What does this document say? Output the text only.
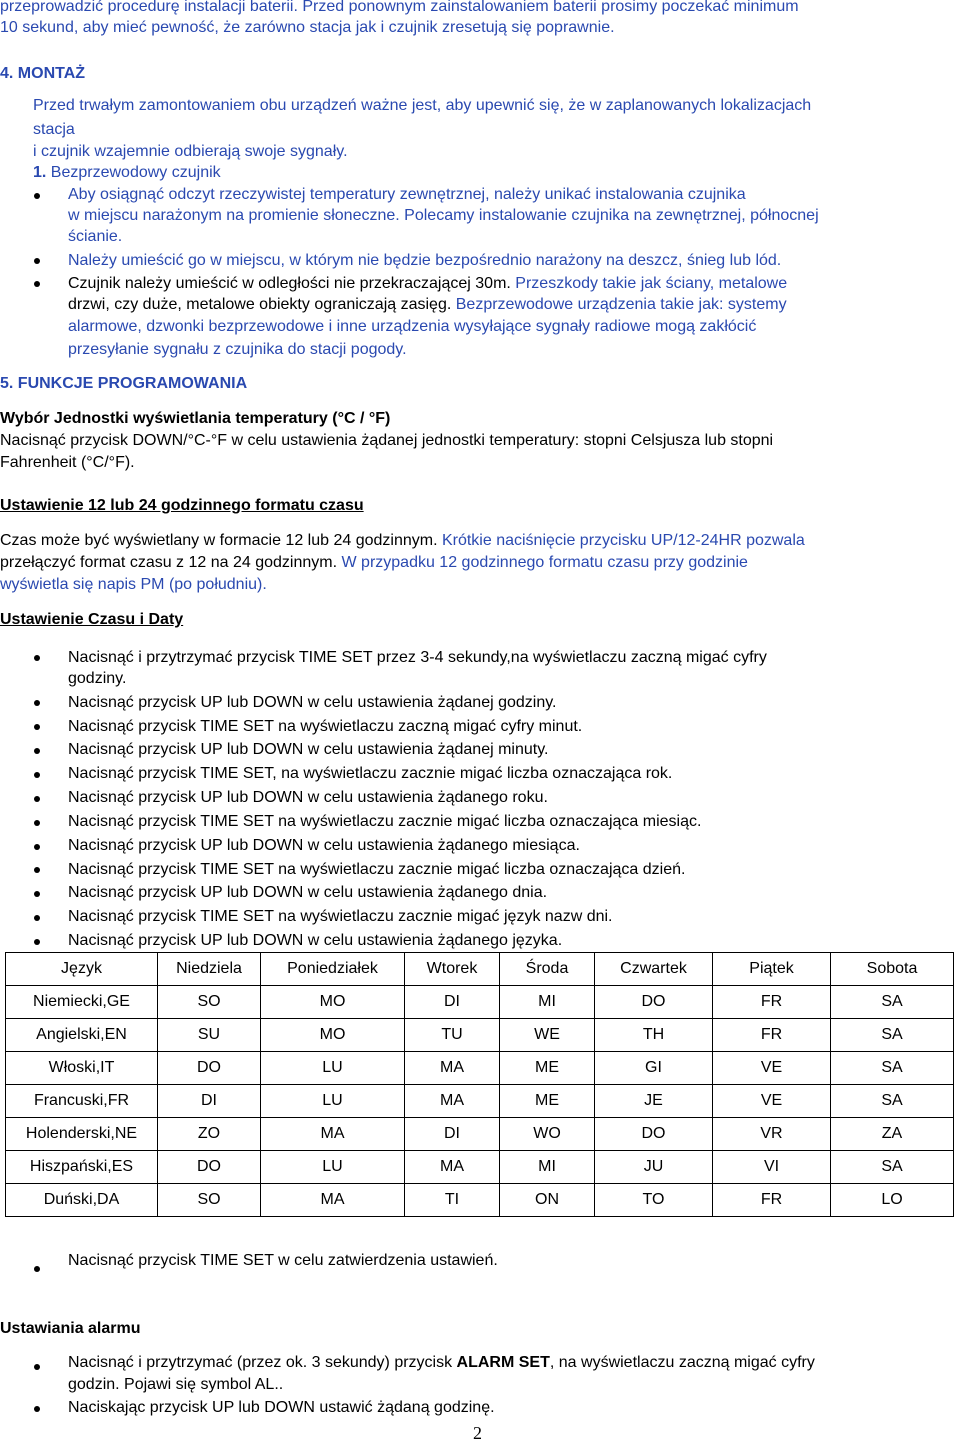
przeprowadzić procedurę instalacji baterii. Przed ponownym zainstalowaniem baterii prosimy poczekać minimum
10 sekund, aby mieć pewność, że zarówno stacja jak i czujnik zresetują się poprawnie.
4. MONTAŻ
Przed trwałym zamontowaniem obu urządzeń ważne jest, aby upewnić się, że w zaplanowanych lokalizacjach
stacja
i czujnik wzajemnie odbierają swoje sygnały.
1. Bezprzewodowy czujnik
Aby osiągnąć odczyt rzeczywistej temperatury zewnętrznej, należy unikać instalowania czujnika
w miejscu narażonym na promienie słoneczne. Polecamy instalowanie czujnika na zewnętrznej, północnej
ścianie.
Należy umieścić go w miejscu, w którym nie będzie bezpośrednio narażony na deszcz, śnieg lub lód.
Czujnik należy umieścić w odległości nie przekraczającej 30m. Przeszkody takie jak ściany, metalowe
drzwi, czy duże, metalowe obiekty ograniczają zasięg. Bezprzewodowe urządzenia takie jak: systemy
alarmowe, dzwonki bezprzewodowe i inne urządzenia wysyłające sygnały radiowe mogą zakłócić
przesyłanie sygnału z czujnika do stacji pogody.
5. FUNKCJE PROGRAMOWANIA
Wybór Jednostki wyświetlania temperatury (°C / °F)
Nacisnąć przycisk DOWN/°C-°F w celu ustawienia żądanej jednostki temperatury: stopni Celsjusza lub stopni
Fahrenheit (°C/°F).
Ustawienie 12 lub 24 godzinnego formatu czasu
Czas może być wyświetlany w formacie 12 lub 24 godzinnym. Krótkie naciśnięcie przycisku UP/12-24HR pozwala
przełączyć format czasu z 12 na 24 godzinnym. W przypadku 12 godzinnego formatu czasu przy godzinie
wyświetla się napis PM (po południu).
Ustawienie Czasu i Daty
Nacisnąć i przytrzymać przycisk TIME SET przez 3-4 sekundy,na wyświetlaczu zaczną migać cyfry
godziny.
Nacisnąć przycisk UP lub DOWN w celu ustawienia żądanej godziny.
Nacisnąć przycisk TIME SET na wyświetlaczu zaczną migać cyfry minut.
Nacisnąć przycisk UP lub DOWN w celu ustawienia żądanej minuty.
Nacisnąć przycisk TIME SET, na wyświetlaczu zacznie migać liczba oznaczająca rok.
Nacisnąć przycisk UP lub DOWN w celu ustawienia żądanego roku.
Nacisnąć przycisk TIME SET na wyświetlaczu zacznie migać liczba oznaczająca miesiąc.
Nacisnąć przycisk UP lub DOWN w celu ustawienia żądanego miesiąca.
Nacisnąć przycisk TIME SET na wyświetlaczu zacznie migać liczba oznaczająca dzień.
Nacisnąć przycisk UP lub DOWN w celu ustawienia żądanego dnia.
Nacisnąć przycisk TIME SET na wyświetlaczu zacznie migać język nazw dni.
Nacisnąć przycisk UP lub DOWN w celu ustawienia żądanego języka.
Język	Niedziela	Poniedziałek	Wtorek	Środa	Czwartek	Piątek	Sobota
Niemiecki,GE	SO	MO	DI	MI	DO	FR	SA
Angielski,EN	SU	MO	TU	WE	TH	FR	SA
Włoski,IT	DO	LU	MA	ME	GI	VE	SA
Francuski,FR	DI	LU	MA	ME	JE	VE	SA
Holenderski,NE	ZO	MA	DI	WO	DO	VR	ZA
Hiszpański,ES	DO	LU	MA	MI	JU	VI	SA
Duński,DA	SO	MA	TI	ON	TO	FR	LO
Nacisnąć przycisk TIME SET w celu zatwierdzenia ustawień.
Ustawiania alarmu
Nacisnąć i przytrzymać (przez ok. 3 sekundy) przycisk ALARM SET, na wyświetlaczu zaczną migać cyfry
godzin. Pojawi się symbol AL..
Naciskając przycisk UP lub DOWN ustawić żądaną godzinę.
2
